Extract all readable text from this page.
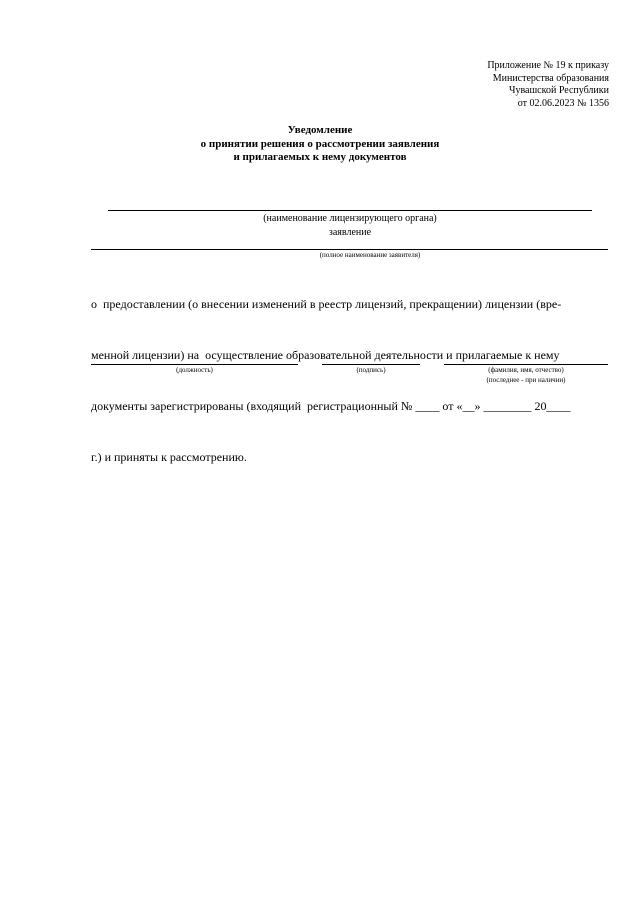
Приложение № 19 к приказу
Министерства образования
Чувашской Республики
от 02.06.2023 № 1356
Уведомление
о принятии решения о рассмотрении заявления
и прилагаемых к нему документов
(наименование лицензирующего органа)
заявление
(полное наименование заявителя)

о  предоставлении (о внесении изменений в реестр лицензий, прекращении) лицензии (вре-

менной лицензии) на  осуществление образовательной деятельности и прилагаемые к нему

документы зарегистрированы (входящий  регистрационный № ____ от «__» ________ 20____

г.) и приняты к рассмотрению.

(должность)	(подпись)	(фамилия, имя, отчество)
(последнее - при наличии)
